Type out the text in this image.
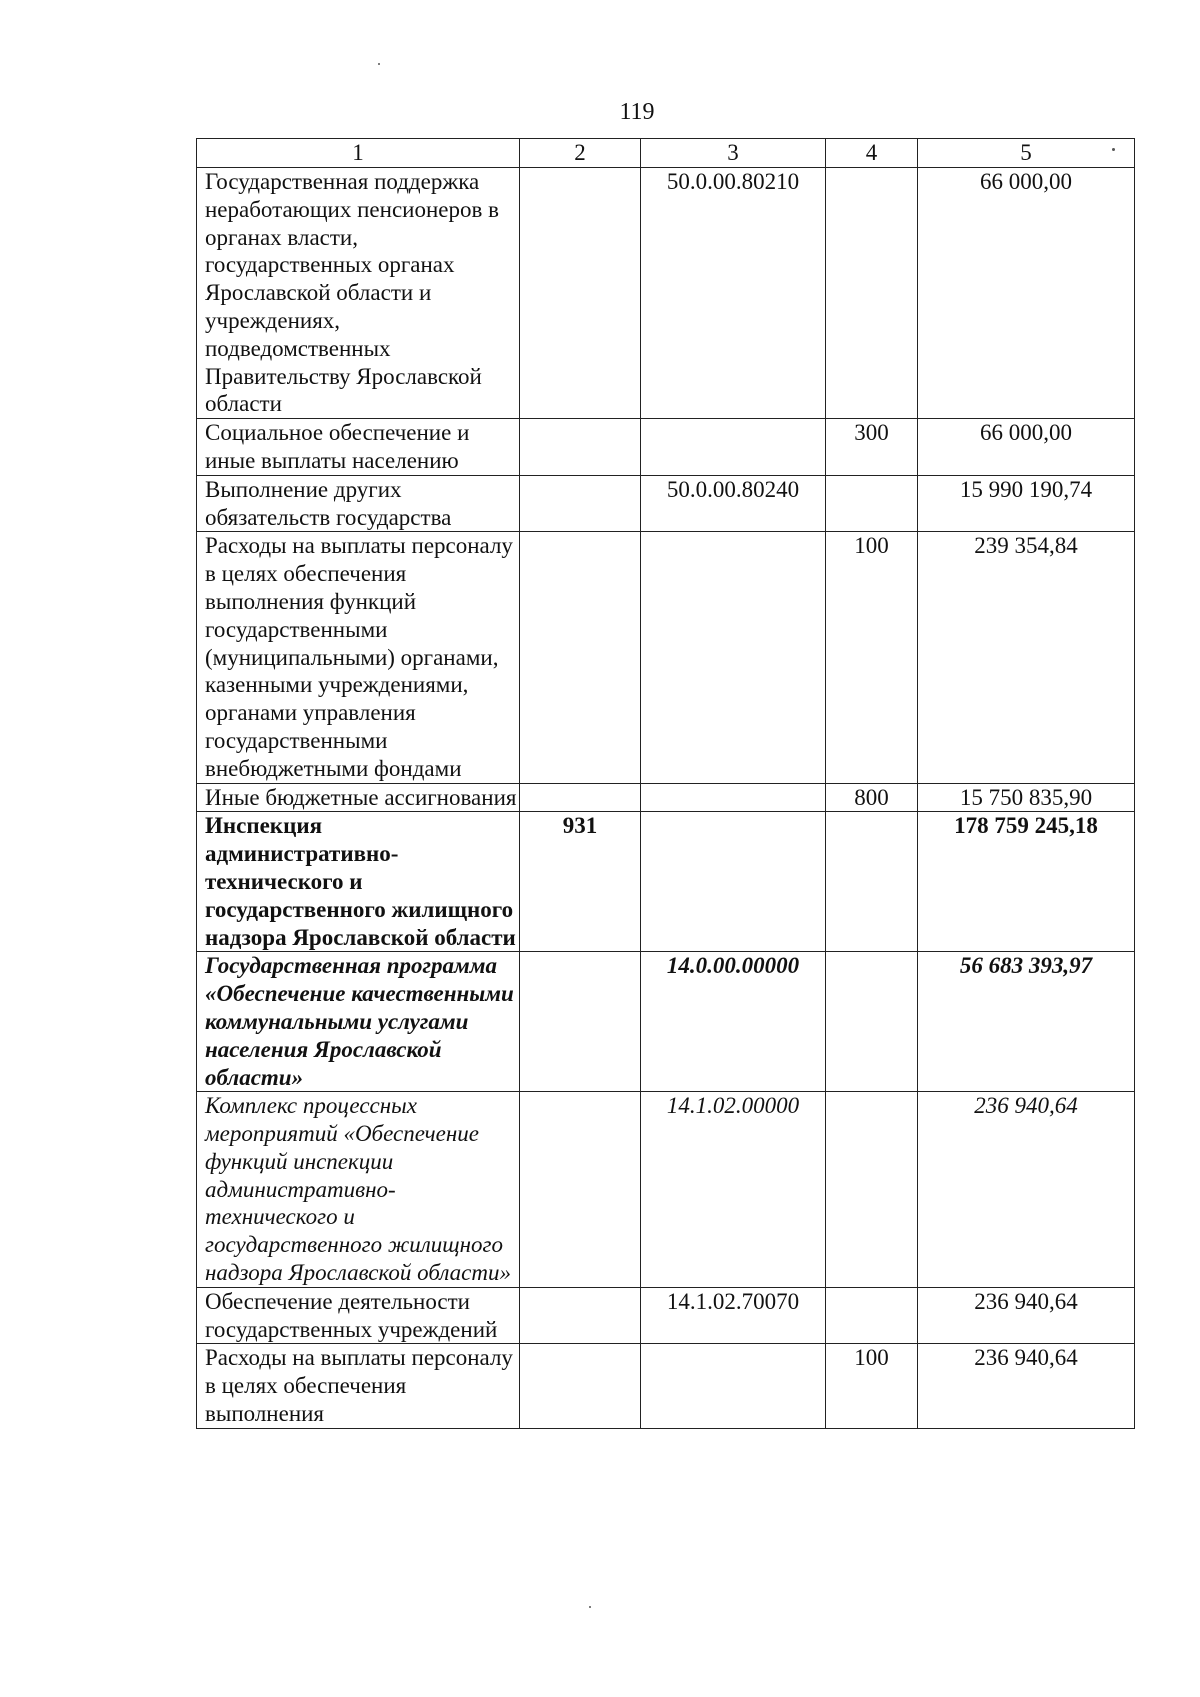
119
1	2	3	4	5
Государственная поддержка неработающих пенсионеров в органах власти, государственных органах Ярославской области и учреждениях, подведомственных Правительству Ярославской области		50.0.00.80210		66 000,00
Социальное обеспечение и иные выплаты населению			300	66 000,00
Выполнение других обязательств государства		50.0.00.80240		15 990 190,74
Расходы на выплаты персоналу в целях обеспечения выполнения функций государственными (муниципальными) органами, казенными учреждениями, органами управления государственными внебюджетными фондами			100	239 354,84
Иные бюджетные ассигнования			800	15 750 835,90
Инспекция административно-технического и государственного жилищного надзора Ярославской области	931			178 759 245,18
Государственная программа «Обеспечение качественными коммунальными услугами населения Ярославской области»		14.0.00.00000		56 683 393,97
Комплекс процессных мероприятий «Обеспечение функций инспекции административно-технического и государственного жилищного надзора Ярославской области»		14.1.02.00000		236 940,64
Обеспечение деятельности государственных учреждений		14.1.02.70070		236 940,64
Расходы на выплаты персоналу в целях обеспечения выполнения			100	236 940,64
